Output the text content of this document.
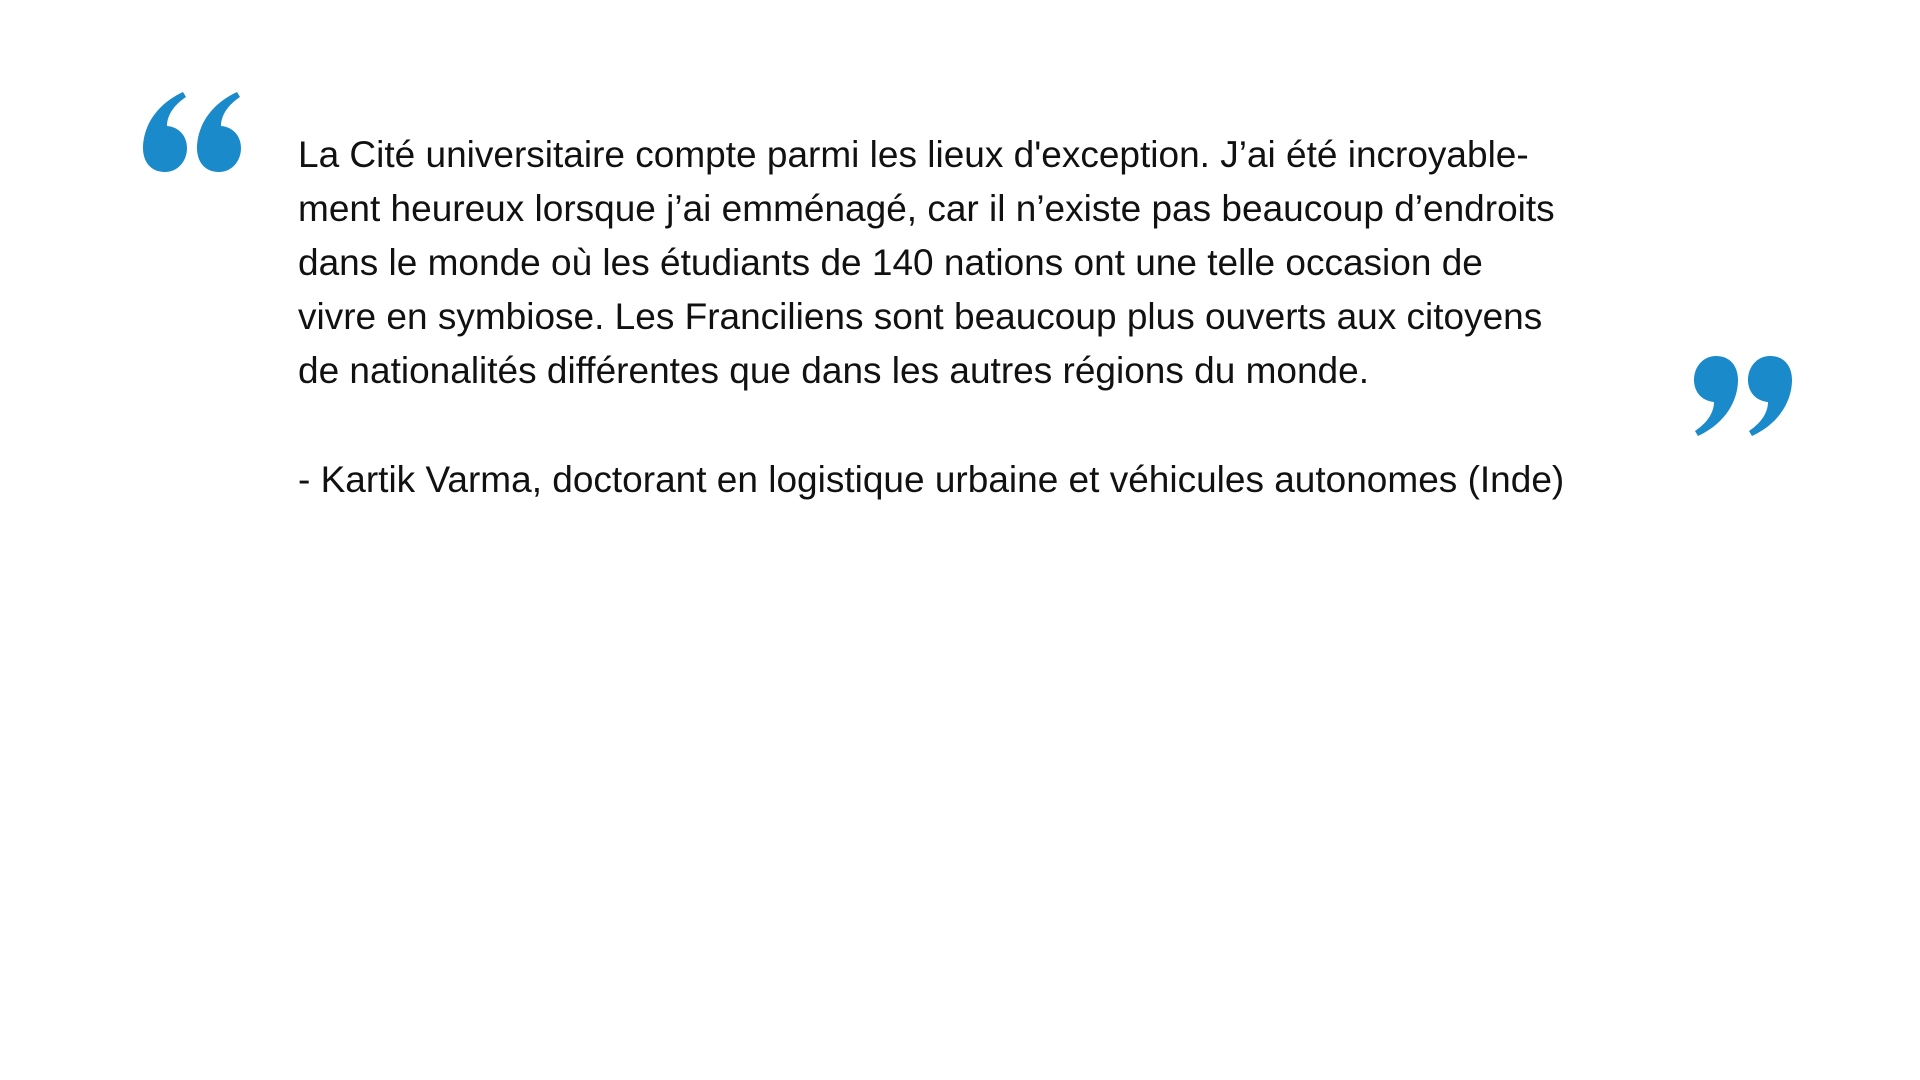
La Cité universitaire compte parmi les lieux d'exception. J’ai été incroyable-
ment heureux lorsque j’ai emménagé, car il n’existe pas beaucoup d’endroits
dans le monde où les étudiants de 140 nations ont une telle occasion de
vivre en symbiose. Les Franciliens sont beaucoup plus ouverts aux citoyens
de nationalités différentes que dans les autres régions du monde.

- Kartik Varma, doctorant en logistique urbaine et véhicules autonomes (Inde)
